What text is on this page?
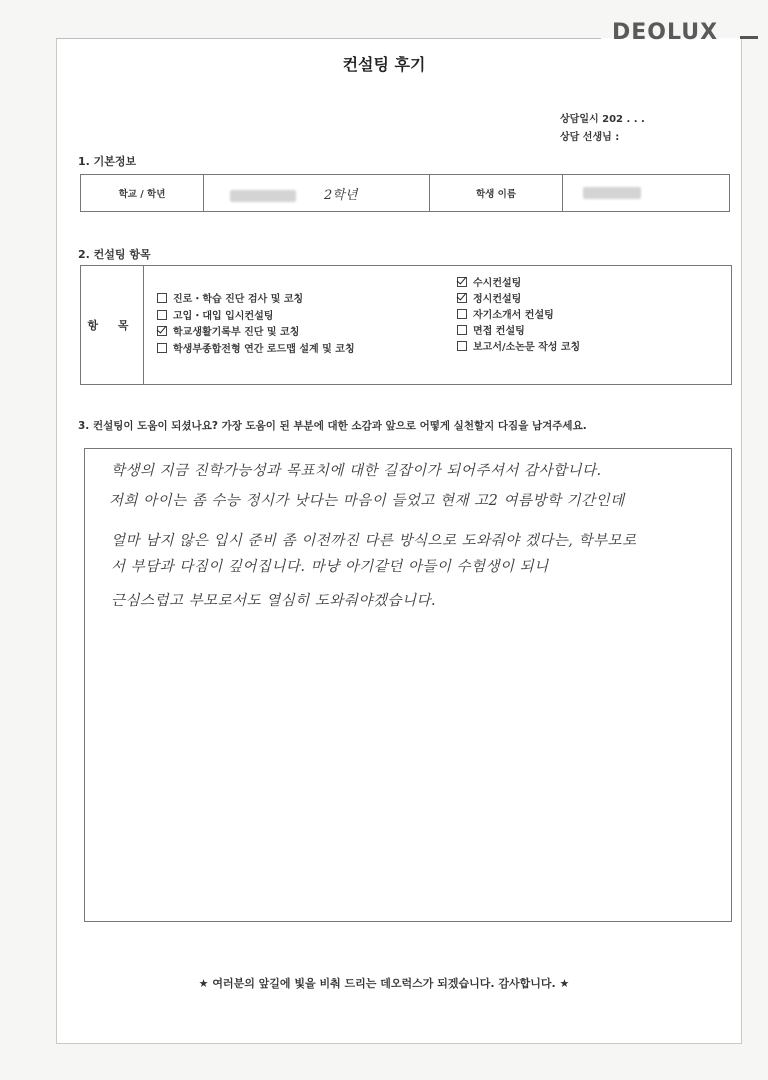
DEOLUX
컨설팅 후기
상담일시 202 . . .
상담 선생님 :
1. 기본정보
학교 / 학년	2학년	학생 이름	
2. 컨설팅 항목
항 목
진로・학습 진단 검사 및 코칭
고입・대입 입시컨설팅
학교생활기록부 진단 및 코칭
학생부종합전형 연간 로드맵 설계 및 코칭
수시컨설팅
정시컨설팅
자기소개서 컨설팅
면접 컨설팅
보고서/소논문 작성 코칭
3. 컨설팅이 도움이 되셨나요? 가장 도움이 된 부분에 대한 소감과 앞으로 어떻게 실천할지 다짐을 남겨주세요.
학생의 지금 진학가능성과 목표치에 대한 길잡이가 되어주셔서 감사합니다.
저희 아이는 좀 수능 정시가 낫다는 마음이 들었고 현재 고2 여름방학 기간인데
얼마 남지 않은 입시 준비 좀 이전까진 다른 방식으로 도와줘야 겠다는, 학부모로
서 부담과 다짐이 깊어집니다. 마냥 아기같던 아들이 수험생이 되니
근심스럽고 부모로서도 열심히 도와줘야겠습니다.
★ 여러분의 앞길에 빛을 비춰 드리는 데오럭스가 되겠습니다. 감사합니다. ★
